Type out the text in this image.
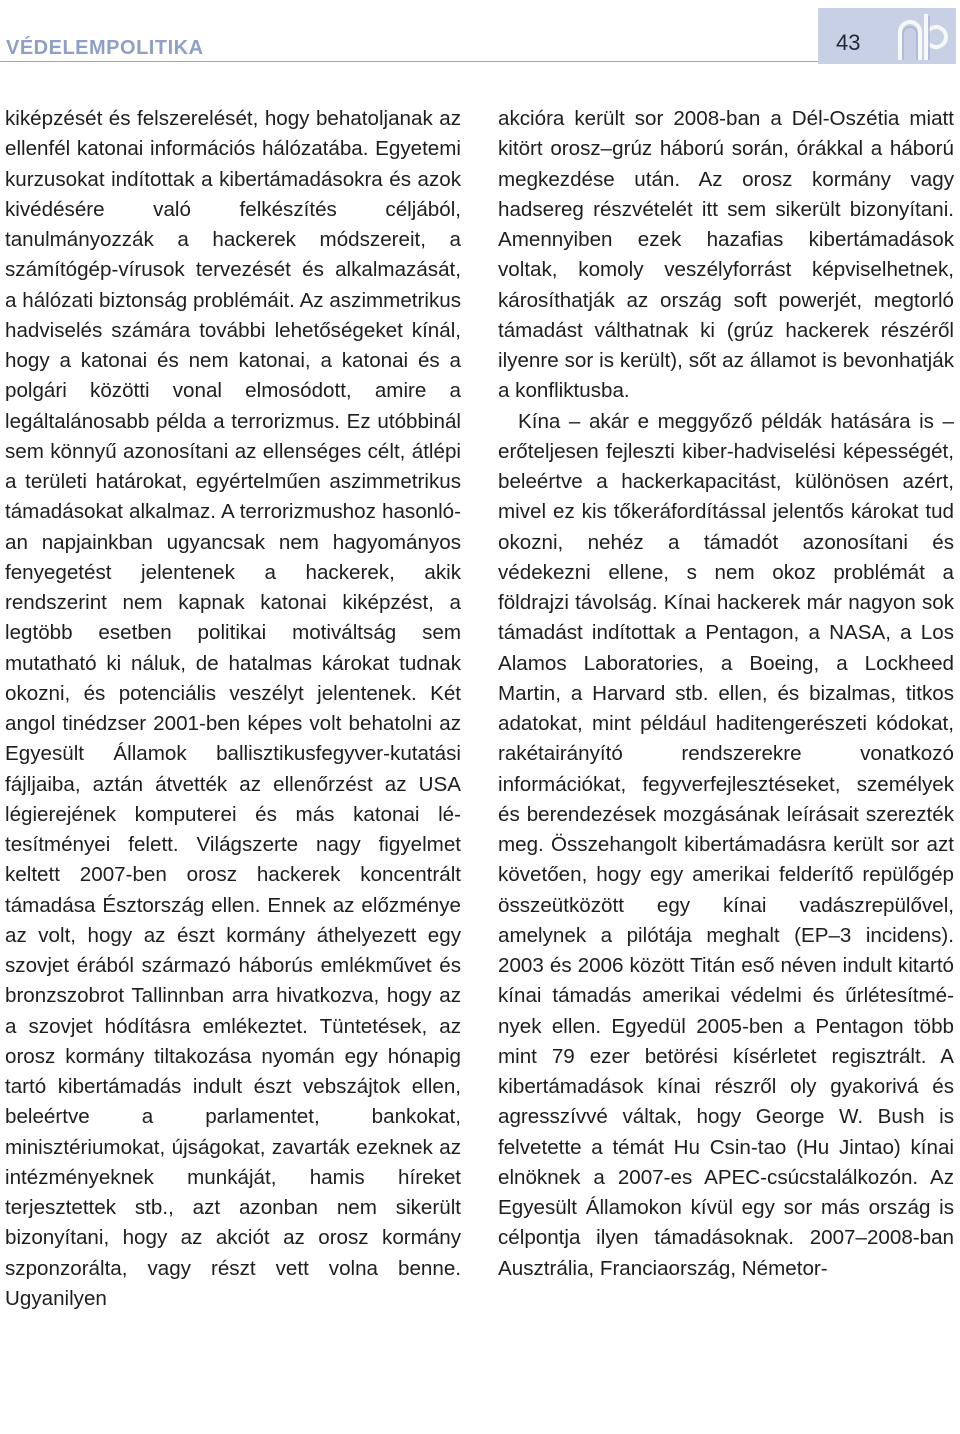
VÉDELEMPOLITIKA	43

kiképzését és felszerelését, hogy behatoljanak az ellenfél katonai információs hálózatába. Egyetemi kurzusokat indítottak a kibertámadásokra és azok kivédésére való felkészítés céljából, tanulmányozzák a hackerek módszereit, a számítógép-vírusok tervezését és alkalmazását, a hálózati biztonság problémáit. Az aszimmetrikus hadviselés számára további lehetőségeket kínál, hogy a katonai és nem katonai, a katonai és a polgári közötti vonal elmosódott, amire a legáltalánosabb példa a terrorizmus. Ez utóbbinál sem könnyű azonosítani az ellenséges célt, átlépi a területi határokat, egyértelműen aszimmetrikus támadásokat alkalmaz. A terrorizmushoz hasonlóan napjainkban ugyancsak nem hagyományos fenyegetést jelentenek a hackerek, akik rendszerint nem kapnak katonai kiképzést, a legtöbb esetben politikai motiváltság sem mutatható ki náluk, de hatalmas károkat tudnak okozni, és potenciális veszélyt jelentenek. Két angol tinédzser 2001-ben képes volt behatolni az Egyesült Államok ballisztikusfegyver-kutatási fájljaiba, aztán átvették az ellenőrzést az USA légierejének komputerei és más katonai létesítményei felett. Világszerte nagy figyelmet keltett 2007-ben orosz hackerek koncentrált támadása Észtország ellen. Ennek az előzménye az volt, hogy az észt kormány áthelyezett egy szovjet érából származó háborús emlékművet és bronzszobrot Tallinnban arra hivatkozva, hogy az a szovjet hódításra emlékeztet. Tüntetések, az orosz kormány tiltakozása nyomán egy hónapig tartó kibertámadás indult észt vebszájtok ellen, beleértve a parlamentet, bankokat, minisztériumokat, újságokat, zavarták ezeknek az intézményeknek munkáját, hamis híreket terjesztettek stb., azt azonban nem sikerült bizonyítani, hogy az akciót az orosz kormány szponzorálta, vagy részt vett volna benne. Ugyanilyen

akcióra került sor 2008-ban a Dél-Oszétia miatt kitört orosz–grúz háború során, órákkal a háború megkezdése után. Az orosz kormány vagy hadsereg részvételét itt sem sikerült bizonyítani. Amennyiben ezek hazafias kibertámadások voltak, komoly veszélyforrást képviselhetnek, károsíthatják az ország soft powerjét, megtorló támadást válthatnak ki (grúz hackerek részéről ilyenre sor is került), sőt az államot is bevonhatják a konfliktusba.

Kína – akár e meggyőző példák hatására is – erőteljesen fejleszti kiber-hadviselési képességét, beleértve a hackerkapacitást, különösen azért, mivel ez kis tőkeráfordítással jelentős károkat tud okozni, nehéz a támadót azonosítani és védekezni ellene, s nem okoz problémát a földrajzi távolság. Kínai hackerek már nagyon sok támadást indítottak a Pentagon, a NASA, a Los Alamos Laboratories, a Boeing, a Lockheed Martin, a Harvard stb. ellen, és bizalmas, titkos adatokat, mint például haditengerészeti kódokat, rakétairányító rendszerekre vonatkozó információkat, fegyverfejlesztéseket, személyek és berendezések mozgásának leírásait szerezték meg. Összehangolt kibertámadásra került sor azt követően, hogy egy amerikai felderítő repülőgép összeütközött egy kínai vadászrepülővel, amelynek a pilótája meghalt (EP–3 incidens). 2003 és 2006 között Titán eső néven indult kitartó kínai támadás amerikai védelmi és űrlétesítmények ellen. Egyedül 2005-ben a Pentagon több mint 79 ezer betörési kísérletet regisztrált. A kibertámadások kínai részről oly gyakorivá és agresszívvé váltak, hogy George W. Bush is felvetette a témát Hu Csin-tao (Hu Jintao) kínai elnöknek a 2007-es APEC-csúcstalálkozón. Az Egyesült Államokon kívül egy sor más ország is célpontja ilyen támadásoknak. 2007–2008-ban Ausztrália, Franciaország, Németor-
